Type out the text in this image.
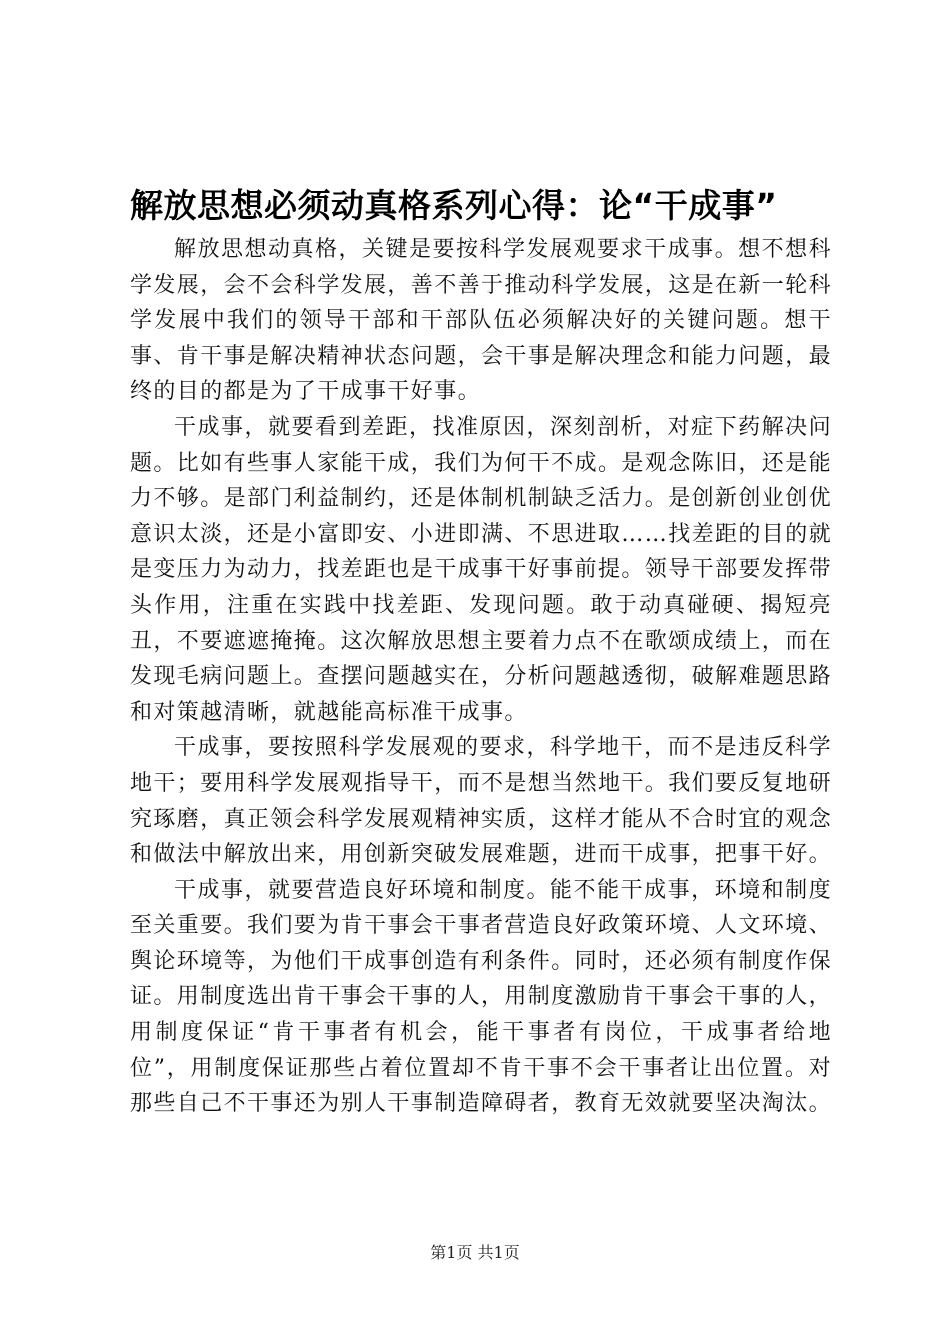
解放思想必须动真格系列心得：论“干成事”

解放思想动真格，关键是要按科学发展观要求干成事。想不想科学发展，会不会科学发展，善不善于推动科学发展，这是在新一轮科学发展中我们的领导干部和干部队伍必须解决好的关键问题。想干事、肯干事是解决精神状态问题，会干事是解决理念和能力问题，最终的目的都是为了干成事干好事。

干成事，就要看到差距，找准原因，深刻剖析，对症下药解决问题。比如有些事人家能干成，我们为何干不成。是观念陈旧，还是能力不够。是部门利益制约，还是体制机制缺乏活力。是创新创业创优意识太淡，还是小富即安、小进即满、不思进取……找差距的目的就是变压力为动力，找差距也是干成事干好事前提。领导干部要发挥带头作用，注重在实践中找差距、发现问题。敢于动真碰硬、揭短亮丑，不要遮遮掩掩。这次解放思想主要着力点不在歌颂成绩上，而在发现毛病问题上。查摆问题越实在，分析问题越透彻，破解难题思路和对策越清晰，就越能高标准干成事。

干成事，要按照科学发展观的要求，科学地干，而不是违反科学地干；要用科学发展观指导干，而不是想当然地干。我们要反复地研究琢磨，真正领会科学发展观精神实质，这样才能从不合时宜的观念和做法中解放出来，用创新突破发展难题，进而干成事，把事干好。

干成事，就要营造良好环境和制度。能不能干成事，环境和制度至关重要。我们要为肯干事会干事者营造良好政策环境、人文环境、舆论环境等，为他们干成事创造有利条件。同时，还必须有制度作保证。用制度选出肯干事会干事的人，用制度激励肯干事会干事的人，用制度保证“肯干事者有机会，能干事者有岗位，干成事者给地位”，用制度保证那些占着位置却不肯干事不会干事者让出位置。对那些自己不干事还为别人干事制造障碍者，教育无效就要坚决淘汰。

第1页 共1页
